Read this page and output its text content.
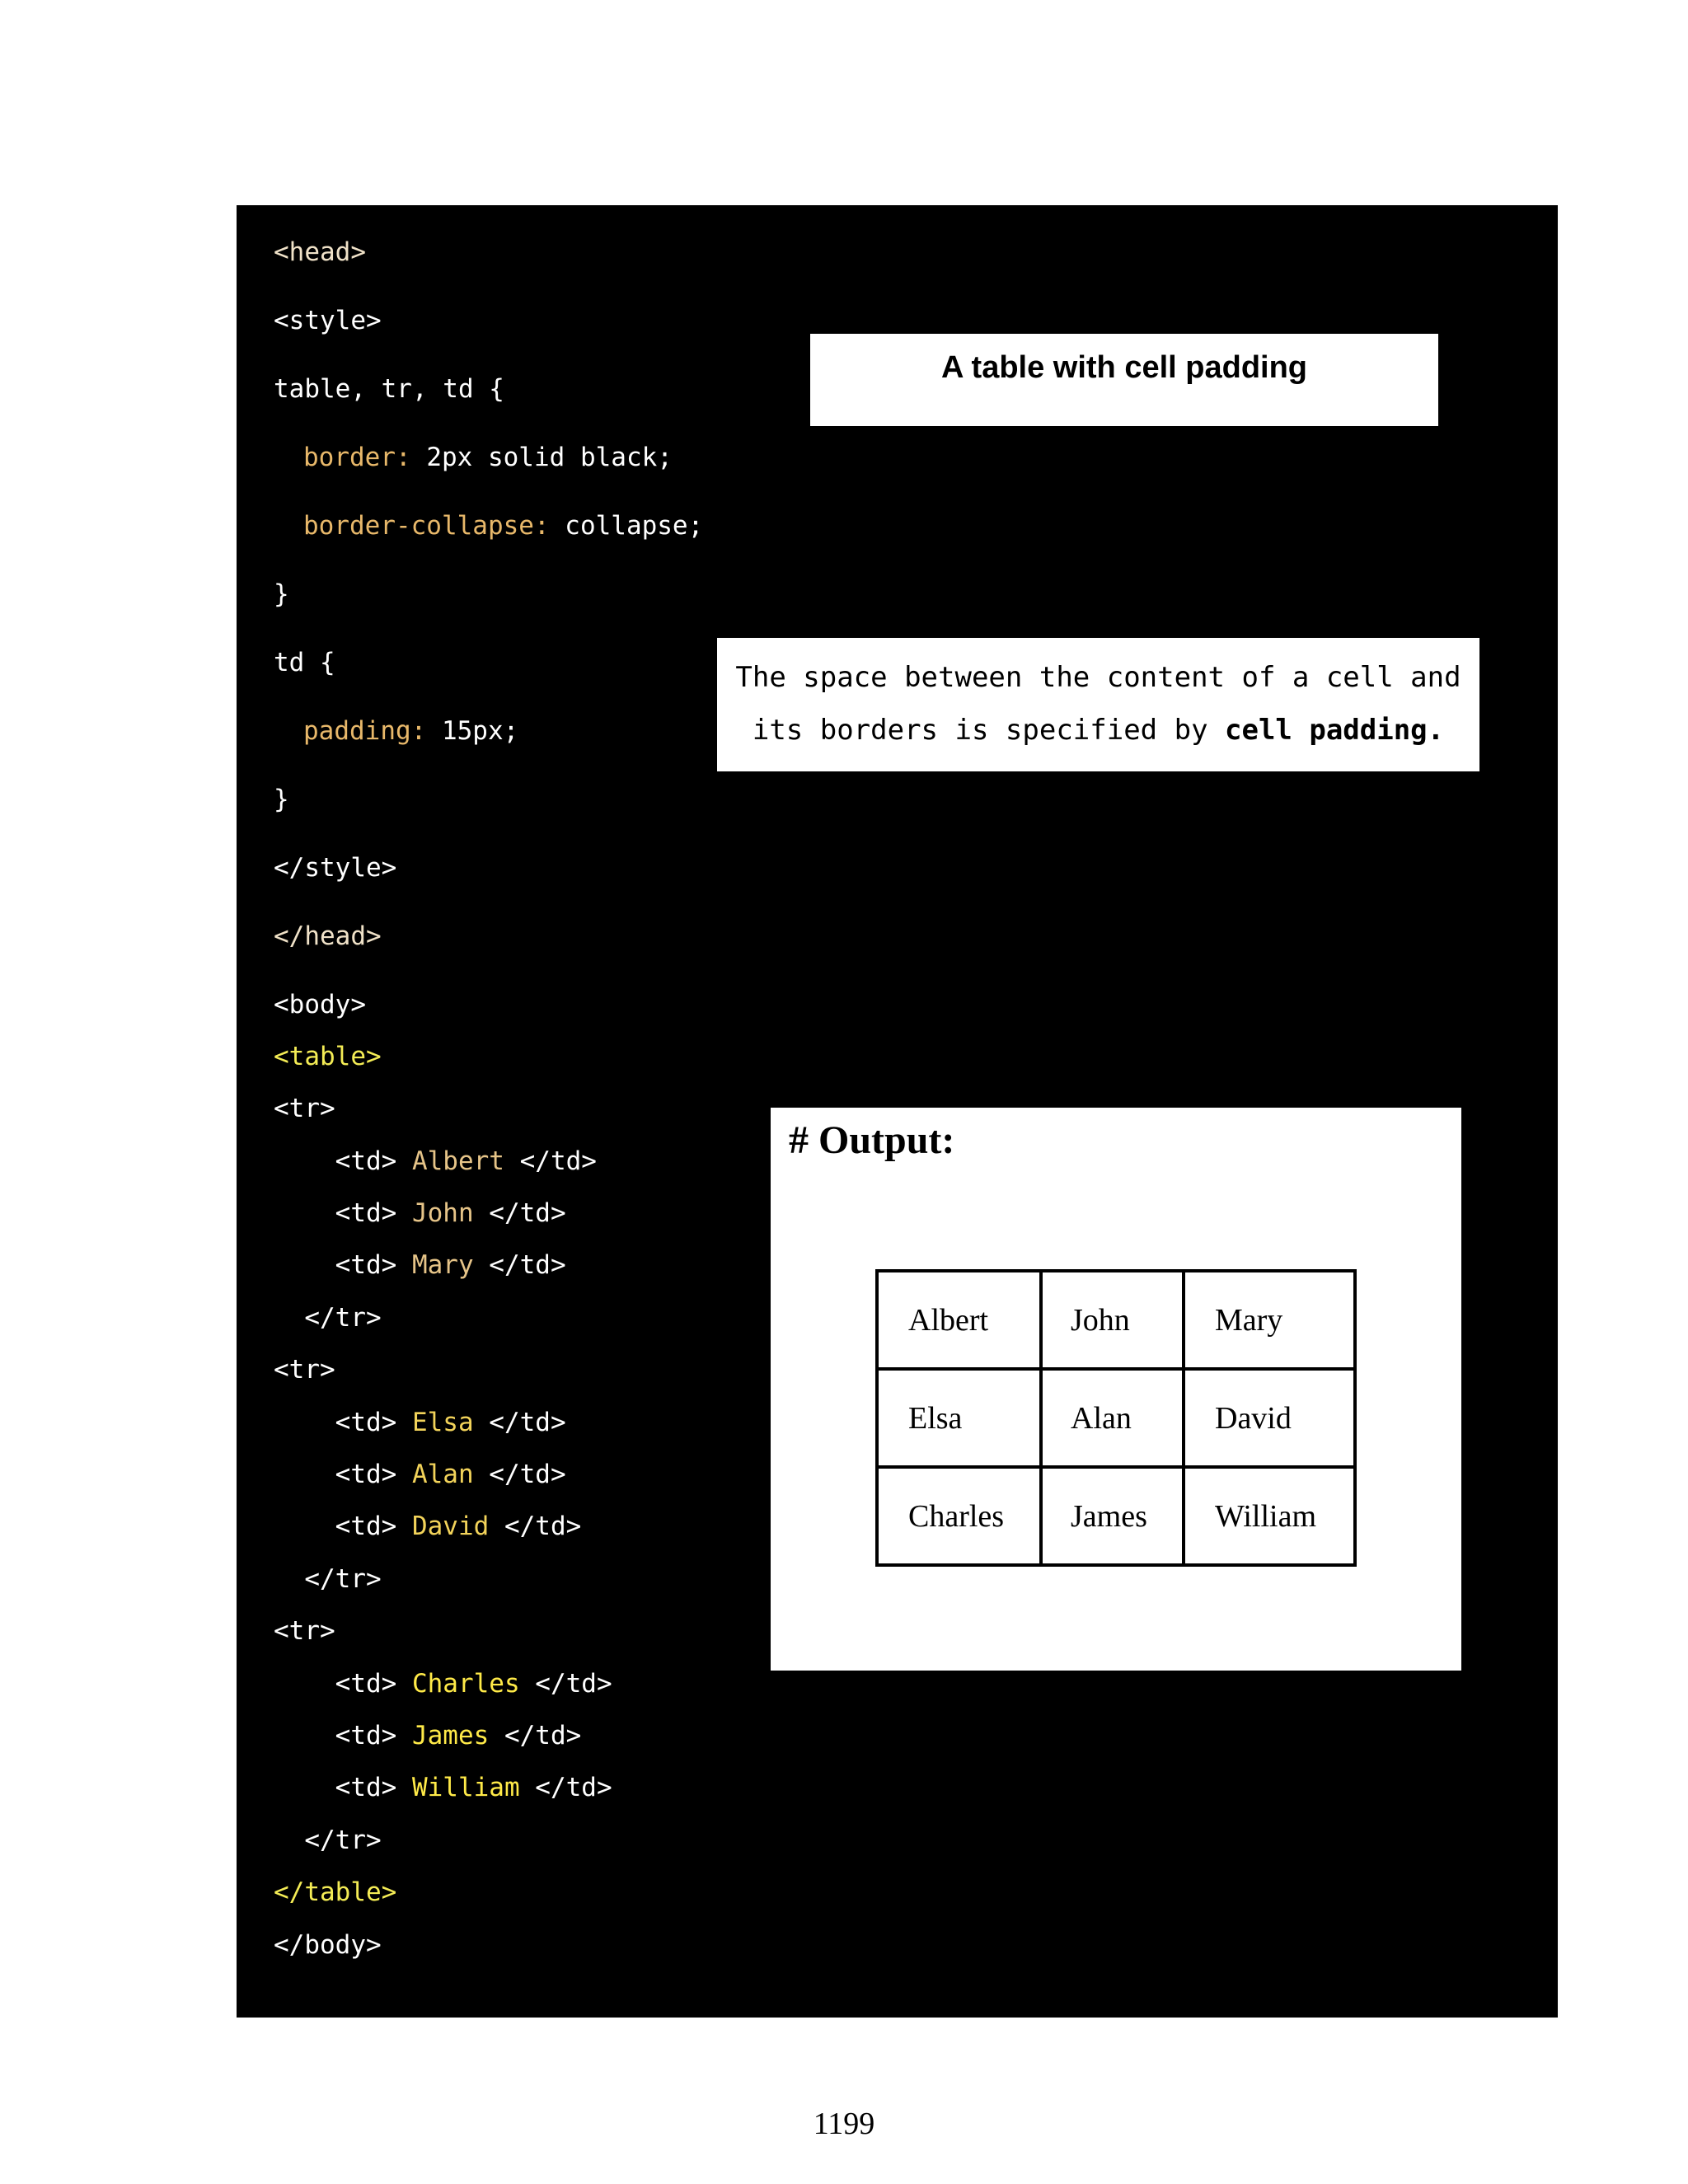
<head>
<style>
table, tr, td {
border: 2px solid black;
border-collapse: collapse;
}
td {
padding: 15px;
}
</style>
</head>
<body>
<table>
<tr>
<td> Albert </td>
<td> John </td>
<td> Mary </td>
</tr>
<tr>
<td> Elsa </td>
<td> Alan </td>
<td> David </td>
</tr>
<tr>
<td> Charles </td>
<td> James </td>
<td> William </td>
</tr>
</table>
</body>
A table with cell padding
The space between the content of a cell and
its borders is specified by cell padding.
# Output:
Albert	John	Mary
Elsa	Alan	David
Charles	James	William
1199
